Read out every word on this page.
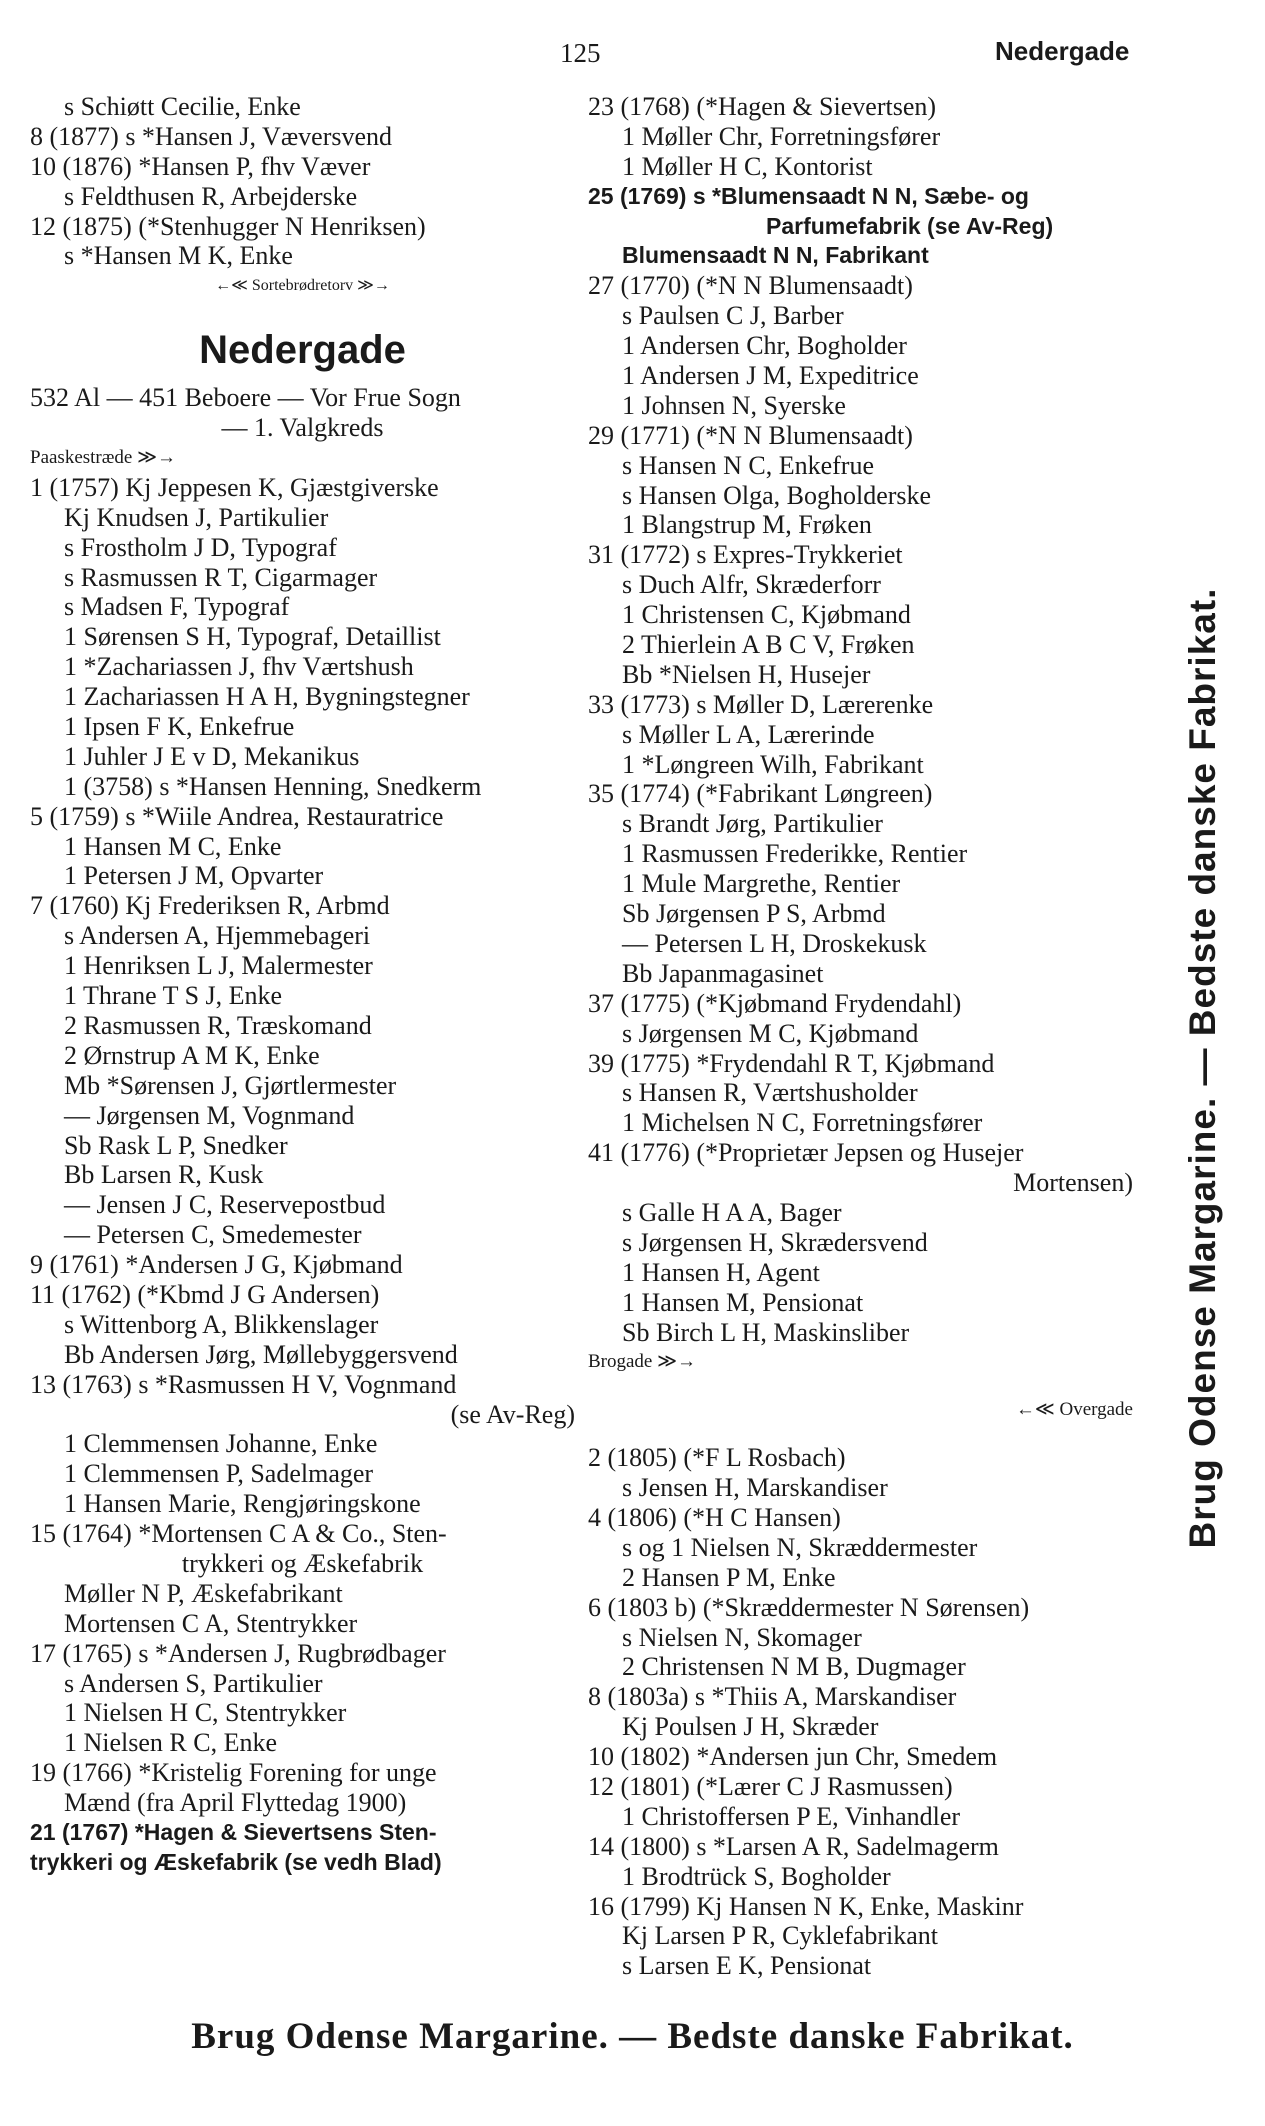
125	Nedergade
s Schiøtt Cecilie, Enke
8 (1877) s *Hansen J, Væversvend
10 (1876) *Hansen P, fhv Væver
s Feldthusen R, Arbejderske
12 (1875) (*Stenhugger N Henriksen)
s *Hansen M K, Enke
←≪ Sortebrødretorv ≫→
Nedergade
532 Al — 451 Beboere — Vor Frue Sogn
— 1. Valgkreds
Paaskestræde ≫→
1 (1757) Kj Jeppesen K, Gjæstgiverske
Kj Knudsen J, Partikulier
s Frostholm J D, Typograf
s Rasmussen R T, Cigarmager
s Madsen F, Typograf
1 Sørensen S H, Typograf, Detaillist
1 *Zachariassen J, fhv Værtshush
1 Zachariassen H A H, Bygningstegner
1 Ipsen F K, Enkefrue
1 Juhler J E v D, Mekanikus
1 (3758) s *Hansen Henning, Snedkerm
5 (1759) s *Wiile Andrea, Restauratrice
1 Hansen M C, Enke
1 Petersen J M, Opvarter
7 (1760) Kj Frederiksen R, Arbmd
s Andersen A, Hjemmebageri
1 Henriksen L J, Malermester
1 Thrane T S J, Enke
2 Rasmussen R, Træskomand
2 Ørnstrup A M K, Enke
Mb *Sørensen J, Gjørtlermester
— Jørgensen M, Vognmand
Sb Rask L P, Snedker
Bb Larsen R, Kusk
— Jensen J C, Reservepostbud
— Petersen C, Smedemester
9 (1761) *Andersen J G, Kjøbmand
11 (1762) (*Kbmd J G Andersen)
s Wittenborg A, Blikkenslager
Bb Andersen Jørg, Møllebyggersvend
13 (1763) s *Rasmussen H V, Vognmand
(se Av-Reg)
1 Clemmensen Johanne, Enke
1 Clemmensen P, Sadelmager
1 Hansen Marie, Rengjøringskone
15 (1764) *Mortensen C A & Co., Sten-
trykkeri og Æskefabrik
Møller N P, Æskefabrikant
Mortensen C A, Stentrykker
17 (1765) s *Andersen J, Rugbrødbager
s Andersen S, Partikulier
1 Nielsen H C, Stentrykker
1 Nielsen R C, Enke
19 (1766) *Kristelig Forening for unge
Mænd (fra April Flyttedag 1900)
21 (1767) *Hagen & Sievertsens Sten-
trykkeri og Æskefabrik (se vedh Blad)
23 (1768) (*Hagen & Sievertsen)
1 Møller Chr, Forretningsfører
1 Møller H C, Kontorist
25 (1769) s *Blumensaadt N N, Sæbe- og
Parfumefabrik (se Av-Reg)
Blumensaadt N N, Fabrikant
27 (1770) (*N N Blumensaadt)
s Paulsen C J, Barber
1 Andersen Chr, Bogholder
1 Andersen J M, Expeditrice
1 Johnsen N, Syerske
29 (1771) (*N N Blumensaadt)
s Hansen N C, Enkefrue
s Hansen Olga, Bogholderske
1 Blangstrup M, Frøken
31 (1772) s Expres-Trykkeriet
s Duch Alfr, Skræderforr
1 Christensen C, Kjøbmand
2 Thierlein A B C V, Frøken
Bb *Nielsen H, Husejer
33 (1773) s Møller D, Lærerenke
s Møller L A, Lærerinde
1 *Løngreen Wilh, Fabrikant
35 (1774) (*Fabrikant Løngreen)
s Brandt Jørg, Partikulier
1 Rasmussen Frederikke, Rentier
1 Mule Margrethe, Rentier
Sb Jørgensen P S, Arbmd
— Petersen L H, Droskekusk
Bb Japanmagasinet
37 (1775) (*Kjøbmand Frydendahl)
s Jørgensen M C, Kjøbmand
39 (1775) *Frydendahl R T, Kjøbmand
s Hansen R, Værtshusholder
1 Michelsen N C, Forretningsfører
41 (1776) (*Proprietær Jepsen og Husejer
Mortensen)
s Galle H A A, Bager
s Jørgensen H, Skrædersvend
1 Hansen H, Agent
1 Hansen M, Pensionat
Sb Birch L H, Maskinsliber
Brogade ≫→
←≪ Overgade
2 (1805) (*F L Rosbach)
s Jensen H, Marskandiser
4 (1806) (*H C Hansen)
s og 1 Nielsen N, Skræddermester
2 Hansen P M, Enke
6 (1803 b) (*Skræddermester N Sørensen)
s Nielsen N, Skomager
2 Christensen N M B, Dugmager
8 (1803a) s *Thiis A, Marskandiser
Kj Poulsen J H, Skræder
10 (1802) *Andersen jun Chr, Smedem
12 (1801) (*Lærer C J Rasmussen)
1 Christoffersen P E, Vinhandler
14 (1800) s *Larsen A R, Sadelmagerm
1 Brodtrück S, Bogholder
16 (1799) Kj Hansen N K, Enke, Maskinr
Kj Larsen P R, Cyklefabrikant
s Larsen E K, Pensionat
Brug Odense Margarine. — Bedste danske Fabrikat.
Brug Odense Margarine. — Bedste danske Fabrikat.
